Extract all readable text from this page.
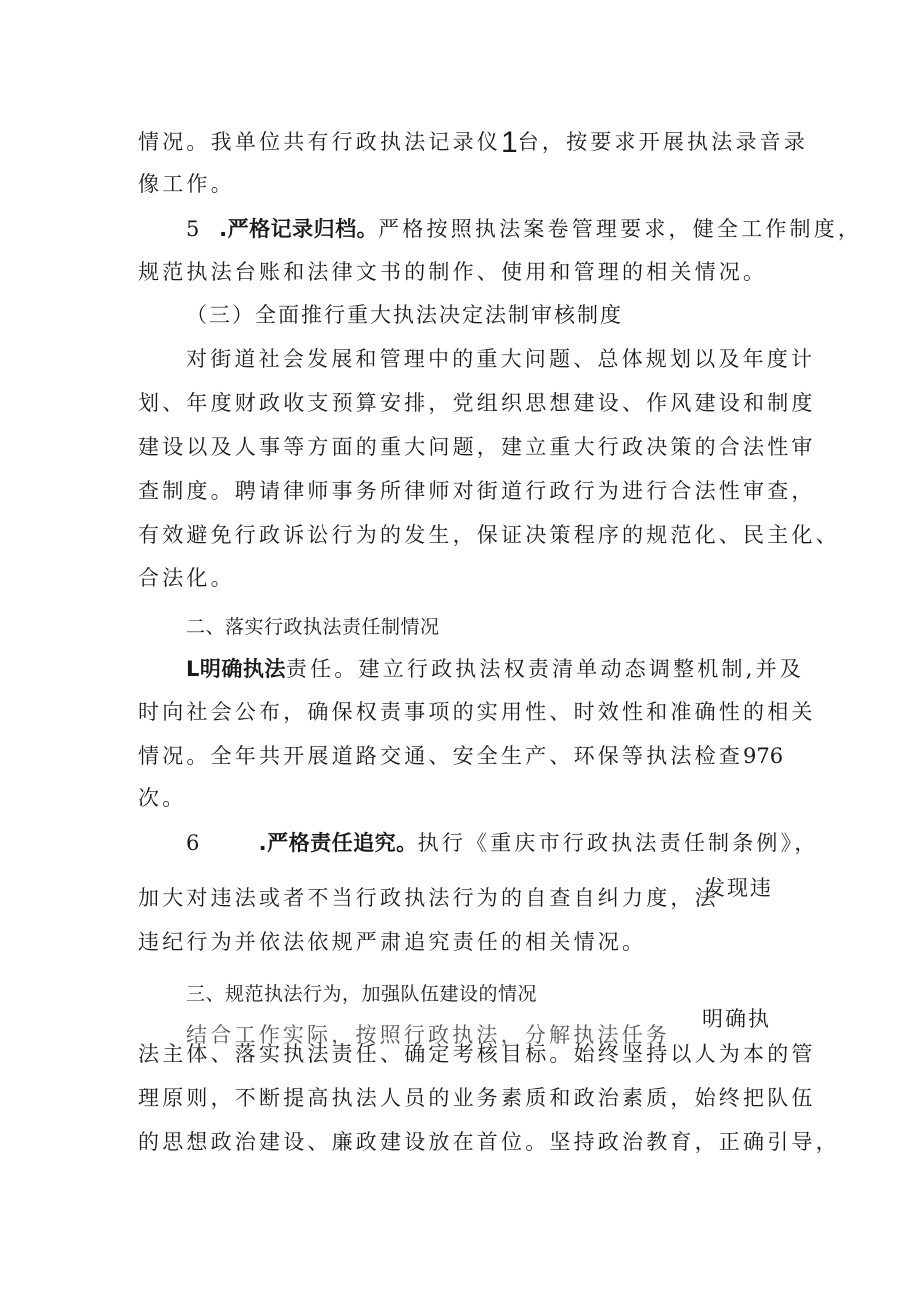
情况。我单位共有行政执法记录仪1台，按要求开展执法录音录
像工作。
5 .严格记录归档。严格按照执法案卷管理要求，健全工作制度，
规范执法台账和法律文书的制作、使用和管理的相关情况。
（三）全面推行重大执法决定法制审核制度
对街道社会发展和管理中的重大问题、总体规划以及年度计
划、年度财政收支预算安排，党组织思想建设、作风建设和制度
建设以及人事等方面的重大问题，建立重大行政决策的合法性审
查制度。聘请律师事务所律师对街道行政行为进行合法性审查，
有效避免行政诉讼行为的发生，保证决策程序的规范化、民主化、
合法化。
二、落实行政执法责任制情况
L明确执法责任。建立行政执法权责清单动态调整机制,并及
时向社会公布，确保权责事项的实用性、时效性和准确性的相关
情况。全年共开展道路交通、安全生产、环保等执法检查976
次。
6	.严格责任追究。执行《重庆市行政执法责任制条例》，
发现违
加大对违法或者不当行政执法行为的自查自纠力度，法
违纪行为并依法依规严肃追究责任的相关情况。
三、规范执法行为，加强队伍建设的情况
结合工作实际，按照行政执法，分解执法任务
明确执
法主体、落实执法责任、确定考核目标。始终坚持以人为本的管
理原则，不断提高执法人员的业务素质和政治素质，始终把队伍
的思想政治建设、廉政建设放在首位。坚持政治教育，正确引导，
